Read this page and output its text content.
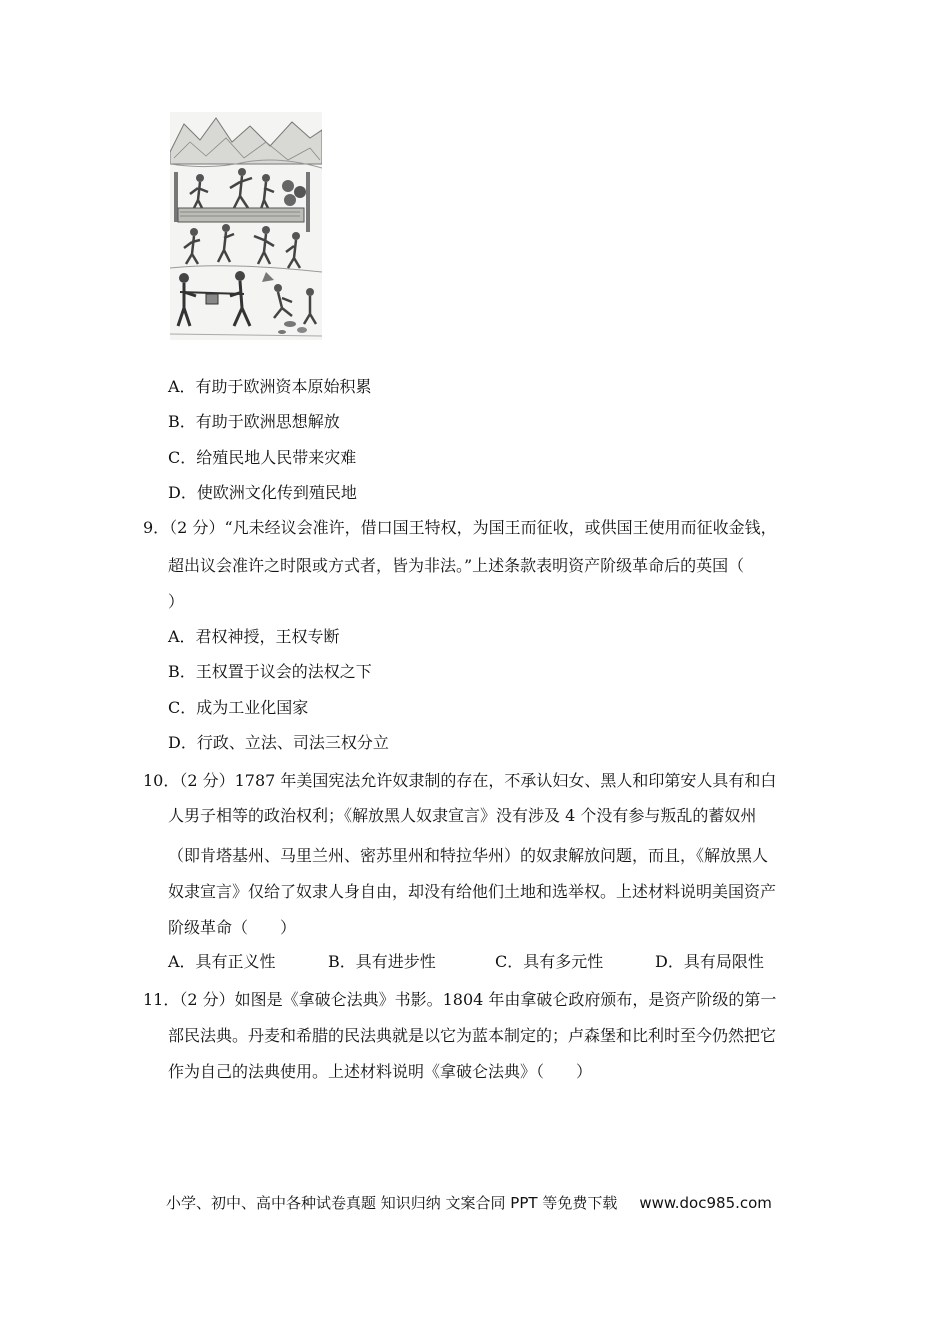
A．有助于欧洲资本原始积累
B．有助于欧洲思想解放
C．给殖民地人民带来灾难
D．使欧洲文化传到殖民地
9．（2 分）“凡未经议会准许，借口国王特权，为国王而征收，或供国王使用而征收金钱，
超出议会准许之时限或方式者，皆为非法。”上述条款表明资产阶级革命后的英国（
）
A．君权神授，王权专断
B．王权置于议会的法权之下
C．成为工业化国家
D．行政、立法、司法三权分立
10．（2 分）1787 年美国宪法允许奴隶制的存在，不承认妇女、黑人和印第安人具有和白
人男子相等的政治权利；《解放黑人奴隶宣言》没有涉及 4 个没有参与叛乱的蓄奴州
（即肯塔基州、马里兰州、密苏里州和特拉华州）的奴隶解放问题，而且，《解放黑人
奴隶宣言》仅给了奴隶人身自由，却没有给他们土地和选举权。上述材料说明美国资产
阶级革命（　　）
A．具有正义性	B．具有进步性	C．具有多元性	D．具有局限性
11．（2 分）如图是《拿破仑法典》书影。1804 年由拿破仑政府颁布，是资产阶级的第一
部民法典。丹麦和希腊的民法典就是以它为蓝本制定的；卢森堡和比利时至今仍然把它
作为自己的法典使用。上述材料说明《拿破仑法典》（　　）
小学、初中、高中各种试卷真题 知识归纳 文案合同 PPT 等免费下载 www.doc985.com
